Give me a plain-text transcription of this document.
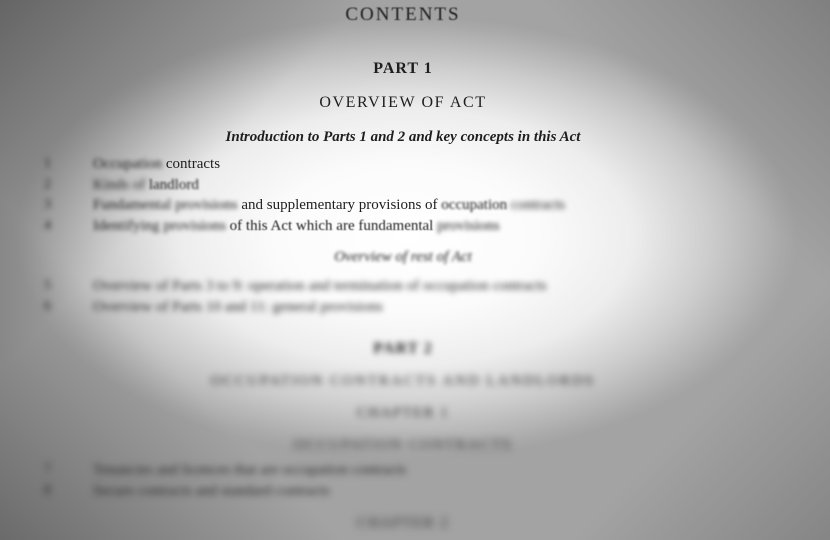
CONTENTS
PART 1
OVERVIEW OF ACT
Introduction to Parts 1 and 2 and key concepts in this Act
1	Occupation contracts
2	Kinds of landlord
3	Fundamental provisions and supplementary provisions of occupation contracts
4	Identifying provisions of this Act which are fundamental provisions
Overview of rest of Act
5	Overview of Parts 3 to 9: operation and termination of occupation contracts
6	Overview of Parts 10 and 11: general provisions
PART 2
OCCUPATION CONTRACTS AND LANDLORDS
CHAPTER 1
OCCUPATION CONTRACTS
7	Tenancies and licences that are occupation contracts
8	Secure contracts and standard contracts
CHAPTER 2
